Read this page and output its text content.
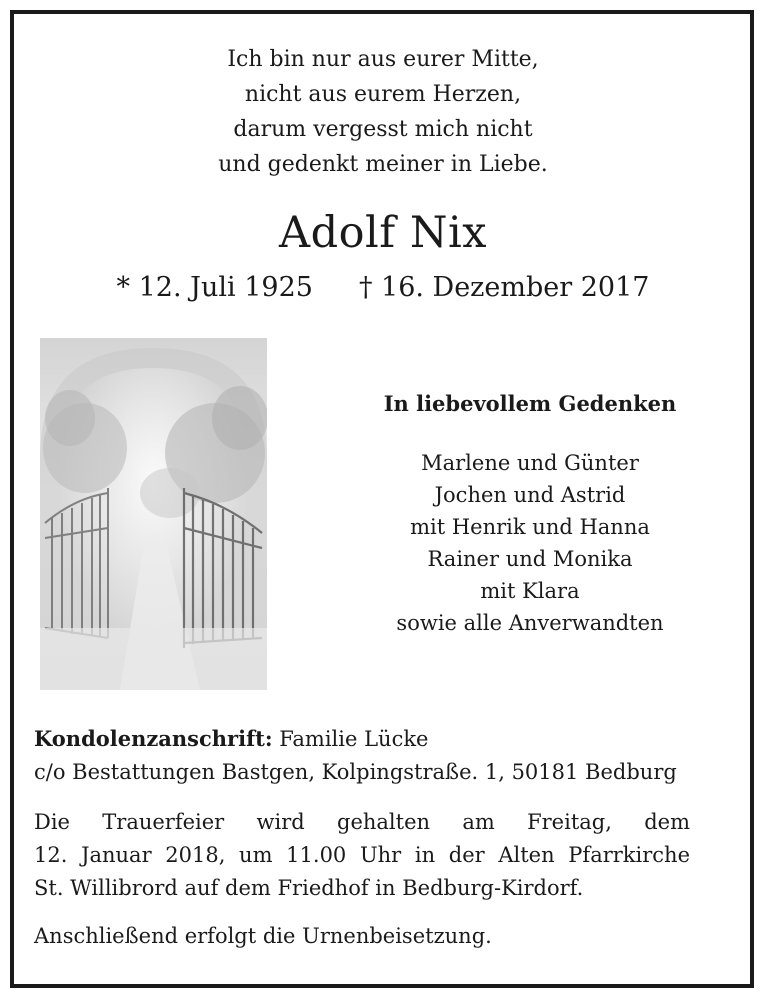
Ich bin nur aus eurer Mitte,
nicht aus eurem Herzen,
darum vergesst mich nicht
und gedenkt meiner in Liebe.
Adolf Nix
* 12. Juli 1925 † 16. Dezember 2017
In liebevollem Gedenken
Marlene und Günter
Jochen und Astrid
mit Henrik und Hanna
Rainer und Monika
mit Klara
sowie alle Anverwandten
Kondolenzanschrift: Familie Lücke
c/o Bestattungen Bastgen, Kolpingstraße. 1, 50181 Bedburg
Die Trauerfeier wird gehalten am Freitag, dem
12. Januar 2018, um 11.00 Uhr in der Alten Pfarrkirche
St. Willibrord auf dem Friedhof in Bedburg-Kirdorf.
Anschließend erfolgt die Urnenbeisetzung.
